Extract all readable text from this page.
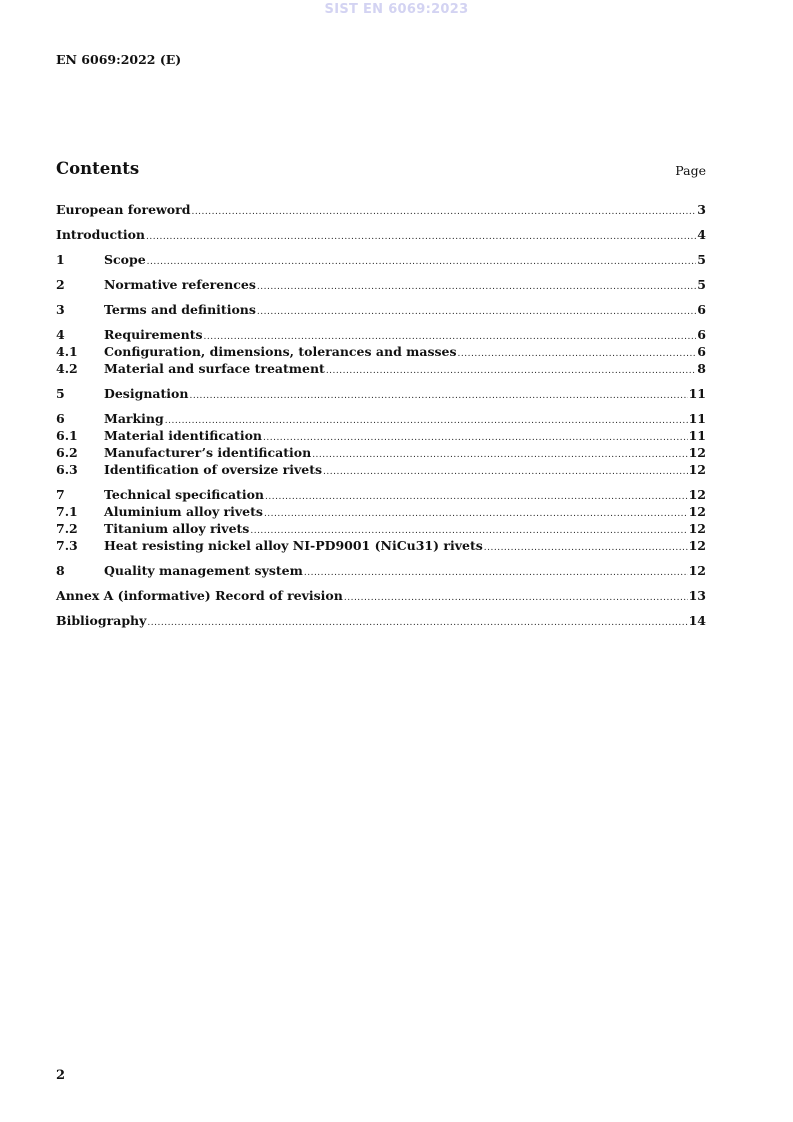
SIST EN 6069:2023
EN 6069:2022 (E)
Contents	Page
European foreword .....	3
Introduction .....	4
1	Scope .....	5
2	Normative references .....	5
3	Terms and definitions .....	6
4	Requirements .....	6
4.1	Configuration, dimensions, tolerances and masses .....	6
4.2	Material and surface treatment .....	8
5	Designation .....	11
6	Marking .....	11
6.1	Material identification .....	11
6.2	Manufacturer’s identification .....	12
6.3	Identification of oversize rivets .....	12
7	Technical specification .....	12
7.1	Aluminium alloy rivets .....	12
7.2	Titanium alloy rivets .....	12
7.3	Heat resisting nickel alloy NI-PD9001 (NiCu31) rivets .....	12
8	Quality management system .....	12
Annex A (informative) Record of revision .....	13
Bibliography .....	14
2
